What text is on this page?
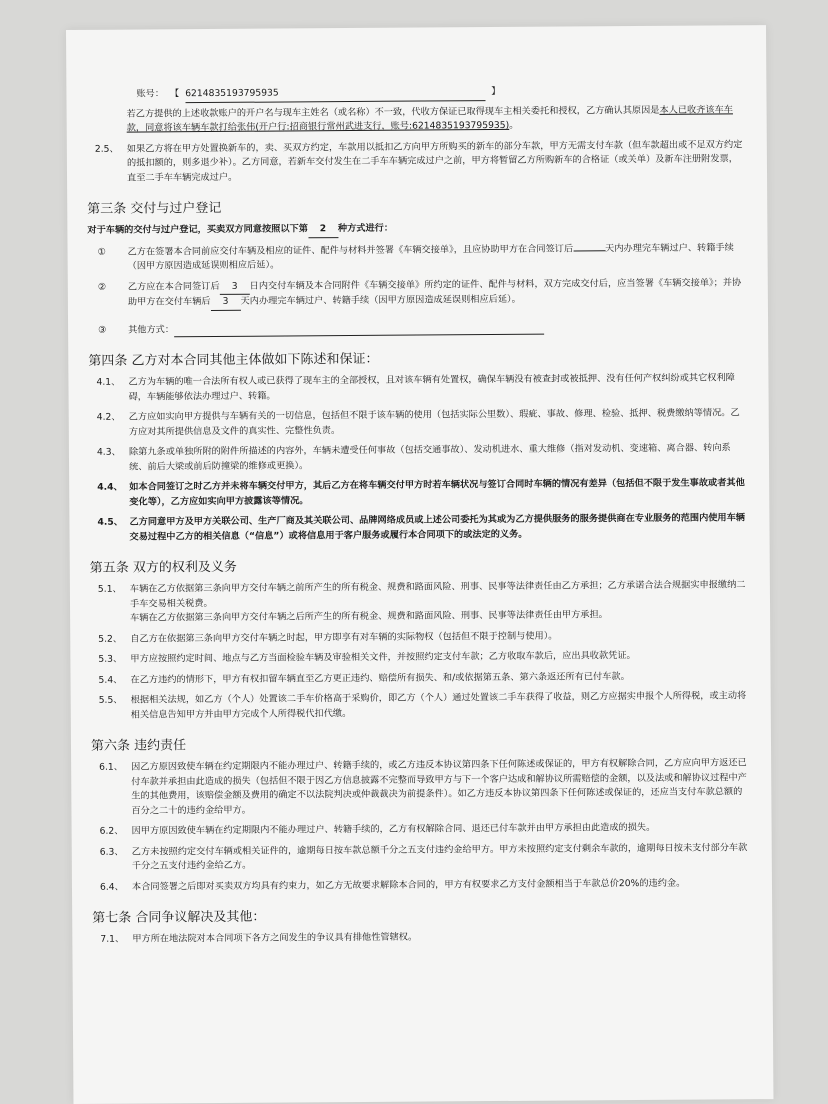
账号： 【 6214835193795935	】
若乙方提供的上述收款账户的开户名与现车主姓名（或名称）不一致，代收方保证已取得现车主相关委托和授权，乙方确认其原因是本人已收齐该车车款，同意将该车辆车款打给张伟(开户行:招商银行常州武进支行，账号:6214835193795935)。
2.5、 如果乙方将在甲方处置换新车的，卖、买双方约定，车款用以抵扣乙方向甲方所购买的新车的部分车款，甲方无需支付车款（但车款超出或不足双方约定的抵扣额的，则多退少补）。乙方同意，若新车交付发生在二手车车辆完成过户之前，甲方将暂留乙方所购新车的合格证（或关单）及新车注册附发票，直至二手车车辆完成过户。
第三条 交付与过户登记
对于车辆的交付与过户登记，买卖双方同意按照以下第 2 种方式进行：
①	乙方在签署本合同前应交付车辆及相应的证件、配件与材料并签署《车辆交接单》，且应协助甲方在合同签订后	天内办理完车辆过户、转籍手续（因甲方原因造成延误则相应后延）。
②	乙方应在本合同签订后 3 日内交付车辆及本合同附件《车辆交接单》所约定的证件、配件与材料，双方完成交付后，应当签署《车辆交接单》；并协助甲方在交付车辆后 3 天内办理完车辆过户、转籍手续（因甲方原因造成延误则相应后延）。
③	其他方式：
第四条 乙方对本合同其他主体做如下陈述和保证：
4.1、 乙方为车辆的唯一合法所有权人或已获得了现车主的全部授权，且对该车辆有处置权，确保车辆没有被查封或被抵押、没有任何产权纠纷或其它权利障碍，车辆能够依法办理过户、转籍。
4.2、 乙方应如实向甲方提供与车辆有关的一切信息，包括但不限于该车辆的使用（包括实际公里数）、瑕疵、事故、修理、检验、抵押、税费缴纳等情况。乙方应对其所提供信息及文件的真实性、完整性负责。
4.3、 除第九条或单独所附的附件所描述的内容外，车辆未遭受任何事故（包括交通事故）、发动机进水、重大维修（指对发动机、变速箱、离合器、转向系统、前后大梁或前后防撞梁的维修或更换）。
4.4、 如本合同签订之时乙方并未将车辆交付甲方，其后乙方在将车辆交付甲方时若车辆状况与签订合同时车辆的情况有差异（包括但不限于发生事故或者其他变化等），乙方应如实向甲方披露该等情况。
4.5、 乙方同意甲方及甲方关联公司、生产厂商及其关联公司、品牌网络成员或上述公司委托为其或为乙方提供服务的服务提供商在专业服务的范围内使用车辆交易过程中乙方的相关信息（“信息”）或将信息用于客户服务或履行本合同项下的或法定的义务。
第五条 双方的权利及义务
5.1、 车辆在乙方依据第三条向甲方交付车辆之前所产生的所有税金、规费和路面风险、刑事、民事等法律责任由乙方承担；乙方承诺合法合规据实申报缴纳二手车交易相关税费。
车辆在乙方依据第三条向甲方交付车辆之后所产生的所有税金、规费和路面风险、刑事、民事等法律责任由甲方承担。
5.2、 自乙方在依据第三条向甲方交付车辆之时起，甲方即享有对车辆的实际物权（包括但不限于控制与使用）。
5.3、 甲方应按照约定时间、地点与乙方当面检验车辆及审验相关文件，并按照约定支付车款；乙方收取车款后，应出具收款凭证。
5.4、 在乙方违约的情形下，甲方有权扣留车辆直至乙方更正违约、赔偿所有损失、和/或依据第五条、第六条返还所有已付车款。
5.5、 根据相关法规，如乙方（个人）处置该二手车价格高于采购价，即乙方（个人）通过处置该二手车获得了收益，则乙方应据实申报个人所得税，或主动将相关信息告知甲方并由甲方完成个人所得税代扣代缴。
第六条 违约责任
6.1、 因乙方原因致使车辆在约定期限内不能办理过户、转籍手续的，或乙方违反本协议第四条下任何陈述或保证的，甲方有权解除合同，乙方应向甲方返还已付车款并承担由此造成的损失（包括但不限于因乙方信息披露不完整而导致甲方与下一个客户达成和解协议所需赔偿的金额，以及法或和解协议过程中产生的其他费用，该赔偿金额及费用的确定不以法院判决或仲裁裁决为前提条件）。如乙方违反本协议第四条下任何陈述或保证的，还应当支付车款总额的百分之二十的违约金给甲方。
6.2、 因甲方原因致使车辆在约定期限内不能办理过户、转籍手续的，乙方有权解除合同、退还已付车款并由甲方承担由此造成的损失。
6.3、 乙方未按照约定交付车辆或相关证件的，逾期每日按车款总额千分之五支付违约金给甲方。甲方未按照约定支付剩余车款的，逾期每日按未支付部分车款千分之五支付违约金给乙方。
6.4、 本合同签署之后即对买卖双方均具有约束力，如乙方无故要求解除本合同的，甲方有权要求乙方支付金额相当于车款总价20%的违约金。
第七条 合同争议解决及其他：
7.1、 甲方所在地法院对本合同项下各方之间发生的争议具有排他性管辖权。
